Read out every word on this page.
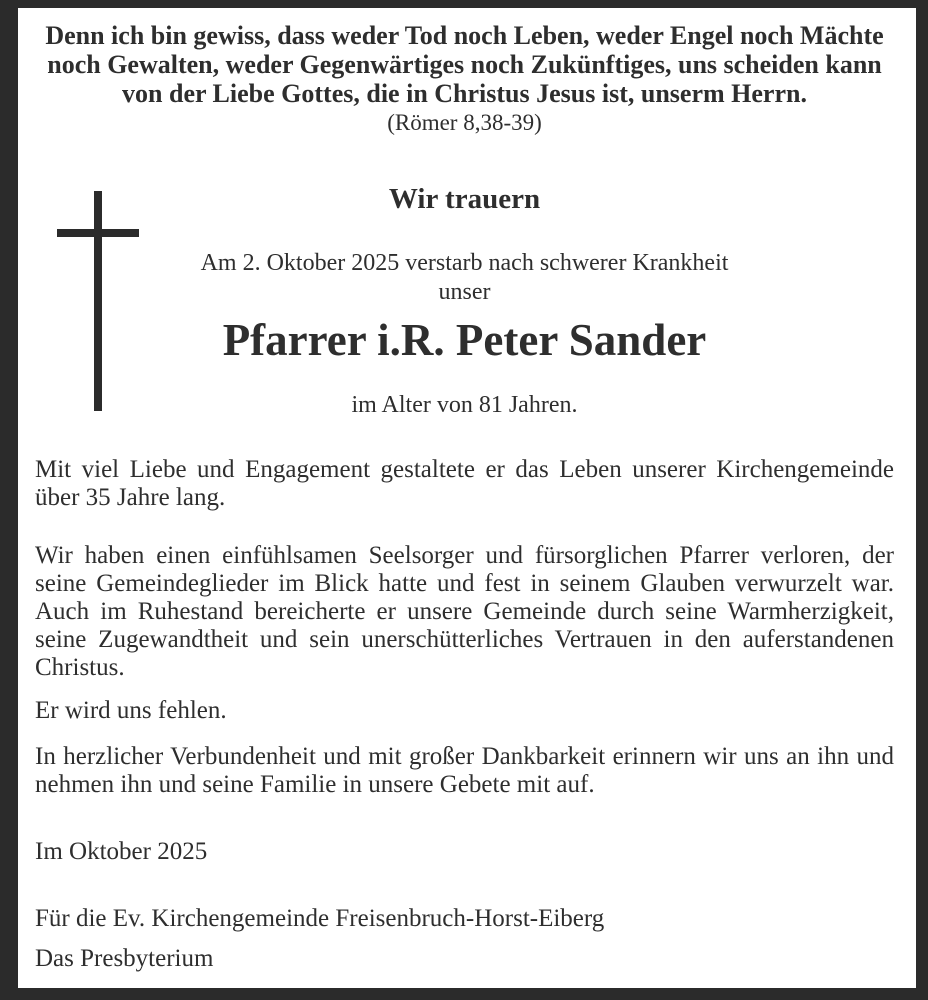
Denn ich bin gewiss, dass weder Tod noch Leben, weder Engel noch Mächte
noch Gewalten, weder Gegenwärtiges noch Zukünftiges, uns scheiden kann
von der Liebe Gottes, die in Christus Jesus ist, unserm Herrn.
(Römer 8,38-39)
Wir trauern
Am 2. Oktober 2025 verstarb nach schwerer Krankheit
unser
Pfarrer i.R. Peter Sander
im Alter von 81 Jahren.

Mit viel Liebe und Engagement gestaltete er das Leben unserer Kirchengemeinde über 35 Jahre lang.

Wir haben einen einfühlsamen Seelsorger und fürsorglichen Pfarrer verloren, der seine Gemeindeglieder im Blick hatte und fest in seinem Glauben verwurzelt war. Auch im Ruhestand bereicherte er unsere Gemeinde durch seine Warmherzigkeit, seine Zugewandtheit und sein unerschütterliches Vertrauen in den auferstandenen Christus.

Er wird uns fehlen.

In herzlicher Verbundenheit und mit großer Dankbarkeit erinnern wir uns an ihn und nehmen ihn und seine Familie in unsere Gebete mit auf.

Im Oktober 2025
Für die Ev. Kirchengemeinde Freisenbruch-Horst-Eiberg
Das Presbyterium
